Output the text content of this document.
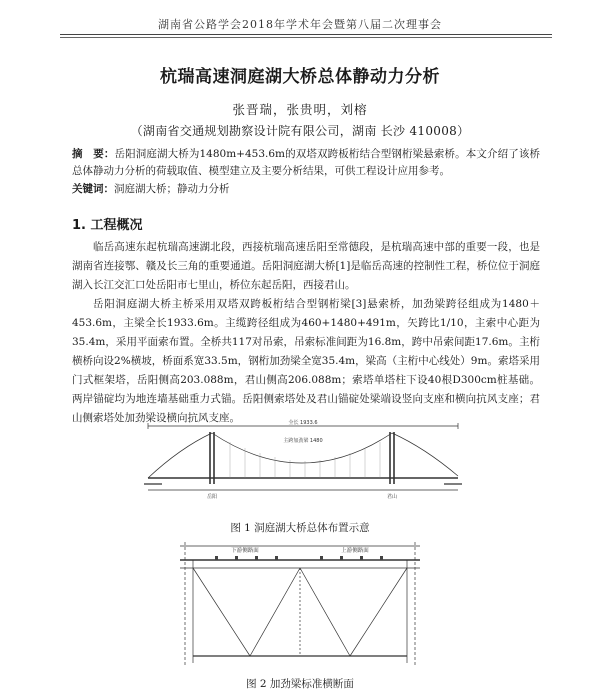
湖南省公路学会2018年学术年会暨第八届二次理事会
杭瑞高速洞庭湖大桥总体静动力分析
张晋瑞，张贵明，刘榕
（湖南省交通规划勘察设计院有限公司，湖南 长沙 410008）
摘　要：岳阳洞庭湖大桥为1480m+453.6m的双塔双跨板桁结合型钢桁梁悬索桥。本文介绍了该桥总体静动力分析的荷载取值、模型建立及主要分析结果，可供工程设计应用参考。
关键词：洞庭湖大桥；静动力分析
1. 工程概况
临岳高速东起杭瑞高速湖北段，西接杭瑞高速岳阳至常德段，是杭瑞高速中部的重要一段，也是湖南省连接鄂、赣及长三角的重要通道。岳阳洞庭湖大桥[1]是临岳高速的控制性工程，桥位位于洞庭湖入长江交汇口处岳阳市七里山，桥位东起岳阳，西接君山。
岳阳洞庭湖大桥主桥采用双塔双跨板桁结合型钢桁梁[3]悬索桥，加劲梁跨径组成为1480＋453.6m，主梁全长1933.6m。主缆跨径组成为460+1480+491m，矢跨比1/10，主索中心距为35.4m，采用平面索布置。全桥共117对吊索，吊索标准间距为16.8m，跨中吊索间距17.6m。主桁横桥向设2%横坡，桥面系宽33.5m，钢桁加劲梁全宽35.4m，梁高（主桁中心线处）9m。索塔采用门式框架塔，岳阳侧高203.088m，君山侧高206.088m；索塔单塔柱下设40根D300cm桩基础。两岸锚碇均为地连墙基础重力式锚。岳阳侧索塔处及君山锚碇处梁端设竖向支座和横向抗风支座；君山侧索塔处加劲梁设横向抗风支座。	全长 1933.6
主跨加劲梁 1480
岳阳	君山
图 1 洞庭湖大桥总体布置示意
下游侧路面	上游侧路面
图 2 加劲梁标准横断面
